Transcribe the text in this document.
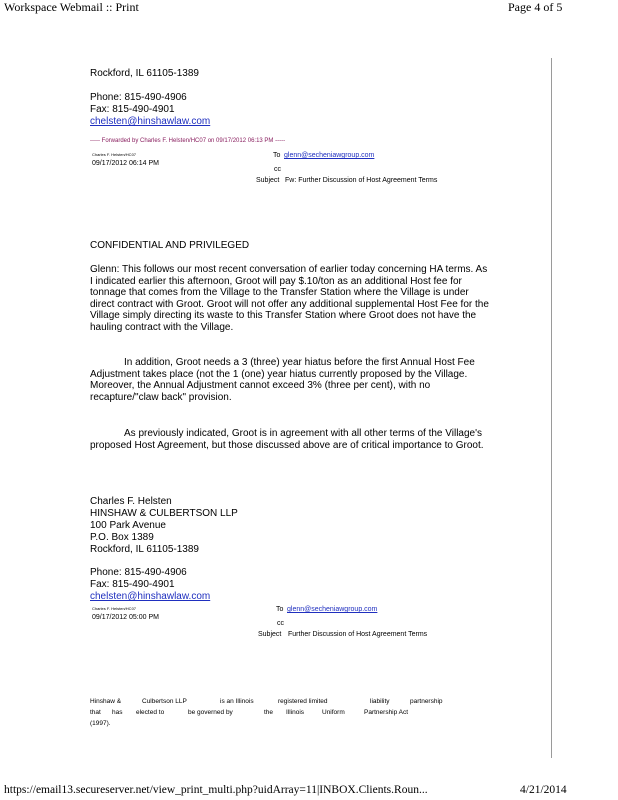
Workspace Webmail :: Print	Page 4 of 5
Rockford, IL 61105-1389
Phone: 815-490-4906
Fax: 815-490-4901
chelsten@hinshawlaw.com
----- Forwarded by Charles F. Helsten/HC07 on 09/17/2012 06:13 PM -----
Charles F. Helsten/HC07
09/17/2012 06:14 PM
To glenn@secheniawgroup.com
cc
Subject Fw: Further Discussion of Host Agreement Terms
CONFIDENTIAL AND PRIVILEGED
Glenn: This follows our most recent conversation of earlier today concerning HA terms. As I indicated earlier this afternoon, Groot will pay $.10/ton as an additional Host fee for tonnage that comes from the Village to the Transfer Station where the Village is under direct contract with Groot. Groot will not offer any additional supplemental Host Fee for the Village simply directing its waste to this Transfer Station where Groot does not have the hauling contract with the Village.
In addition, Groot needs a 3 (three) year hiatus before the first Annual Host Fee Adjustment takes place (not the 1 (one) year hiatus currently proposed by the Village. Moreover, the Annual Adjustment cannot exceed 3% (three per cent), with no recapture/"claw back" provision.
As previously indicated, Groot is in agreement with all other terms of the Village's proposed Host Agreement, but those discussed above are of critical importance to Groot.
Charles F. Helsten
HINSHAW & CULBERTSON LLP
100 Park Avenue
P.O. Box 1389
Rockford, IL 61105-1389
Phone: 815-490-4906
Fax: 815-490-4901
chelsten@hinshawlaw.com
Charles F. Helsten/HC07
09/17/2012 05:00 PM
To glenn@secheniawgroup.com
cc
Subject Further Discussion of Host Agreement Terms
Hinshaw &	Culbertson LLP	is an Illinois	registered limited	liability	partnership
that has elected to	be governed by	the Illinois	Uniform	Partnership Act
(1997).
https://email13.secureserver.net/view_print_multi.php?uidArray=11|INBOX.Clients.Roun...	4/21/2014
